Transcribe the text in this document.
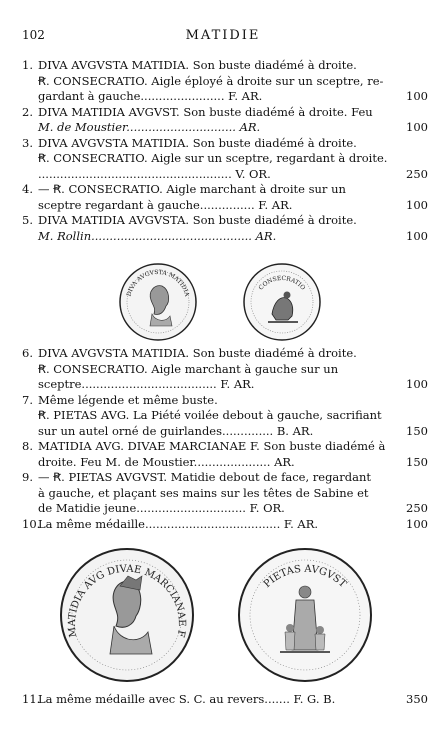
102	MATIDIE
1. DIVA AVGVSTA MATIDIA. Son buste diadémé à droite.
Ꞧ. CONSECRATIO. Aigle éployé à droite sur un sceptre, re-
gardant à gauche....................... F. AR.
2. DIVA MATIDIA AVGVST. Son buste diadémé à droite. Feu
M. de Moustier.............................. AR.
3. DIVA AVGVSTA MATIDIA. Son buste diadémé à droite.
Ꞧ. CONSECRATIO. Aigle sur un sceptre, regardant à droite.
..................................................... V. OR.
4. — Ꞧ. CONSECRATIO. Aigle marchant à droite sur un
sceptre regardant à gauche............... F. AR.
5. DIVA MATIDIA AVGVSTA. Son buste diadémé à droite.
M. Rollin............................................ AR.
100
100
250
100
100
DIVA AVGVSTA MATIDIA
CONSECRATIO
6. DIVA AVGVSTA MATIDIA. Son buste diadémé à droite.
Ꞧ. CONSECRATIO. Aigle marchant à gauche sur un
sceptre..................................... F. AR.
7. Même légende et même buste.
Ꞧ. PIETAS AVG. La Piété voilée debout à gauche, sacrifiant
sur un autel orné de guirlandes.............. B. AR.
8. MATIDIA AVG. DIVAE MARCIANAE F. Son buste diadémé à
droite. Feu M. de Moustier..................... AR.
9. — Ꞧ. PIETAS AVGVST. Matidie debout de face, regardant
à gauche, et plaçant ses mains sur les têtes de Sabine et
de Matidie jeune.............................. F. OR.
10.La même médaille..................................... F. AR.
100
150
150
250
100
MATIDIA AVG DIVAE MARCIANAE F
PIETAS AVGVST
11.La même médaille avec S. C. au revers....... F. G. B.	350
